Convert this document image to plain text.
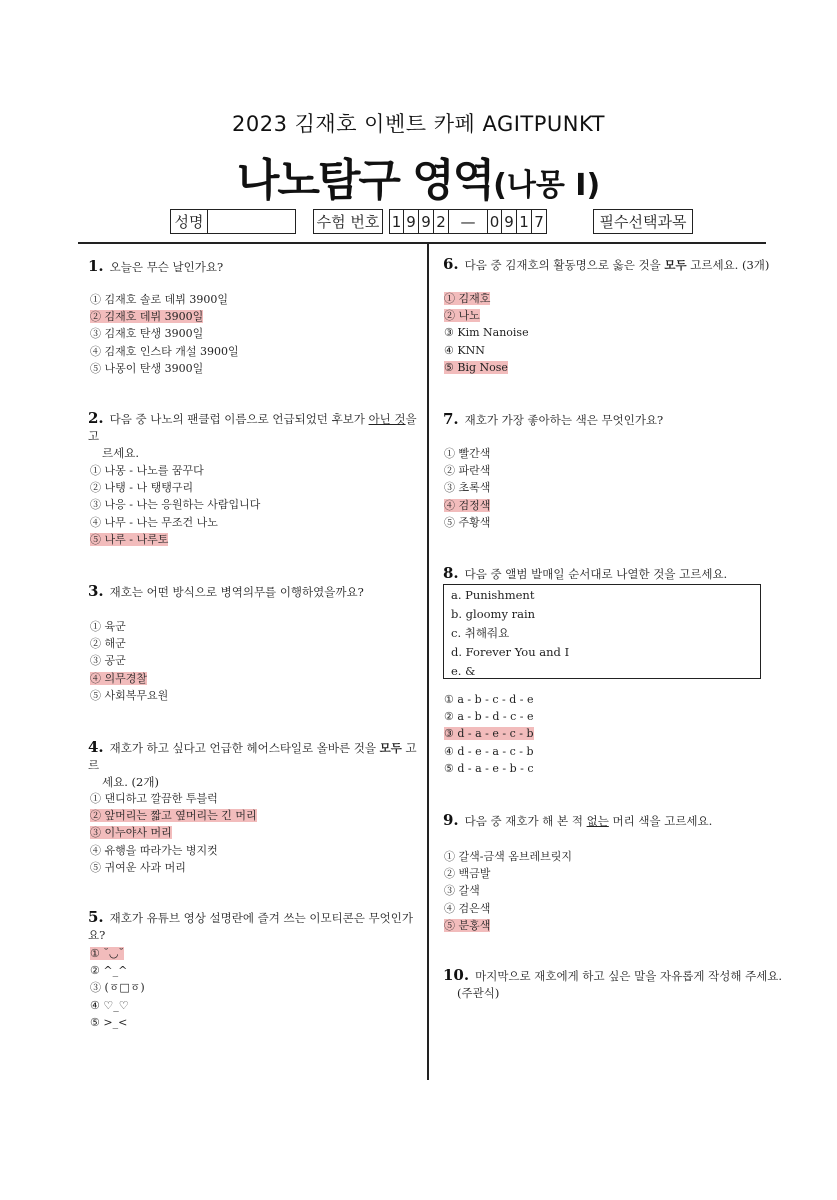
2023 김재호 이벤트 카페 AGITPUNKT
나노탐구 영역(나몽 I)
성명	수험 번호 1 9 9 2 — 0 9 1 7	필수선택과목
1. 오늘은 무슨 날인가요?
① 김재호 솔로 데뷔 3900일
② 김재호 데뷔 3900일
③ 김재호 탄생 3900일
④ 김재호 인스타 개설 3900일
⑤ 나몽이 탄생 3900일
2. 다음 중 나노의 팬클럽 이름으로 언급되었던 후보가 아닌 것을 고
르세요.
① 나몽 - 나노를 꿈꾸다
② 나탱 - 나 탱탱구리
③ 나응 - 나는 응원하는 사람입니다
④ 나무 - 나는 무조건 나노
⑤ 나루 - 나루토
3. 재호는 어떤 방식으로 병역의무를 이행하였을까요?
① 육군
② 해군
③ 공군
④ 의무경찰
⑤ 사회복무요원
4. 재호가 하고 싶다고 언급한 헤어스타일로 올바른 것을 모두 고르
세요. (2개)
① 댄디하고 깔끔한 투블럭
② 앞머리는 짧고 옆머리는 긴 머리
③ 이누야사 머리
④ 유행을 따라가는 병지컷
⑤ 귀여운 사과 머리
5. 재호가 유튜브 영상 설명란에 즐겨 쓰는 이모티콘은 무엇인가요?
① ˘◡˘
② ^_^
③ (ㆆ□ㆆ)
④ ♡_♡
⑤ >_<
6. 다음 중 김재호의 활동명으로 옳은 것을 모두 고르세요. (3개)
① 김재호
② 나노
③ Kim Nanoise
④ KNN
⑤ Big Nose
7. 재호가 가장 좋아하는 색은 무엇인가요?
① 빨간색
② 파란색
③ 초록색
④ 검정색
⑤ 주황색
8. 다음 중 앨범 발매일 순서대로 나열한 것을 고르세요.
a. Punishment
b. gloomy rain
c. 취해줘요
d. Forever You and I
e. &
① a - b - c - d - e
② a - b - d - c - e
③ d - a - e - c - b
④ d - e - a - c - b
⑤ d - a - e - b - c
9. 다음 중 재호가 해 본 적 없는 머리 색을 고르세요.
① 갈색-금색 옴브레브릿지
② 백금발
③ 갈색
④ 검은색
⑤ 분홍색
10. 마지막으로 재호에게 하고 싶은 말을 자유롭게 작성해 주세요.
(주관식)
